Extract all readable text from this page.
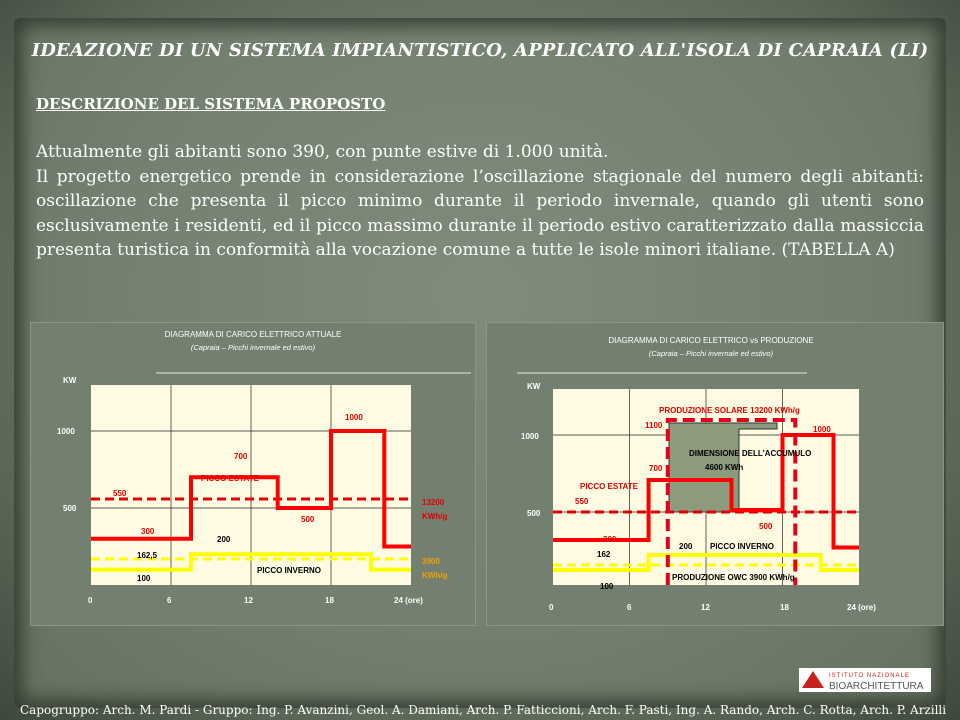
IDEAZIONE DI UN SISTEMA IMPIANTISTICO, APPLICATO ALL'ISOLA DI CAPRAIA (LI)
DESCRIZIONE DEL SISTEMA PROPOSTO

Attualmente gli abitanti sono 390, con punte estive di 1.000 unità.

Il progetto energetico prende in considerazione l’oscillazione stagionale del numero degli abitanti: oscillazione che presenta il picco minimo durante il periodo invernale, quando gli utenti sono esclusivamente i residenti, ed il picco massimo durante il periodo estivo caratterizzato dalla massiccia presenta turistica in conformità alla vocazione comune a tutte le isole minori italiane. (TABELLA A)

DIAGRAMMA DI CARICO ELETTRICO ATTUALE
(Capraia – Picchi invernale ed estivo)
KW
1000
500
0	6	12	18	24 (ore)
1000
700
550
300
500
200
162,5
100
PICCO ESTATE
PICCO INVERNO
13200
KWh/g
3900
KWh/g
DIAGRAMMA DI CARICO ELETTRICO vs PRODUZIONE
(Capraia – Picchi invernale ed estivo)
KW
1000
500
0	6	12	18	24 (ore)
PRODUZIONE SOLARE 13200 KWh/g
1100	1000
DIMENSIONE DELL'ACCUMULO
4600 KWh
700
PICCO ESTATE
550
300
500
200 PICCO INVERNO
162
PRODUZIONE OWC 3900 KWh/g
100
ISTITUTO NAZIONALE
BIOARCHITETTURA
Capogruppo: Arch. M. Pardi - Gruppo: Ing. P. Avanzini, Geol. A. Damiani, Arch. P. Fatticcioni, Arch. F. Pasti, Ing. A. Rando, Arch. C. Rotta, Arch. P. Arzilli
